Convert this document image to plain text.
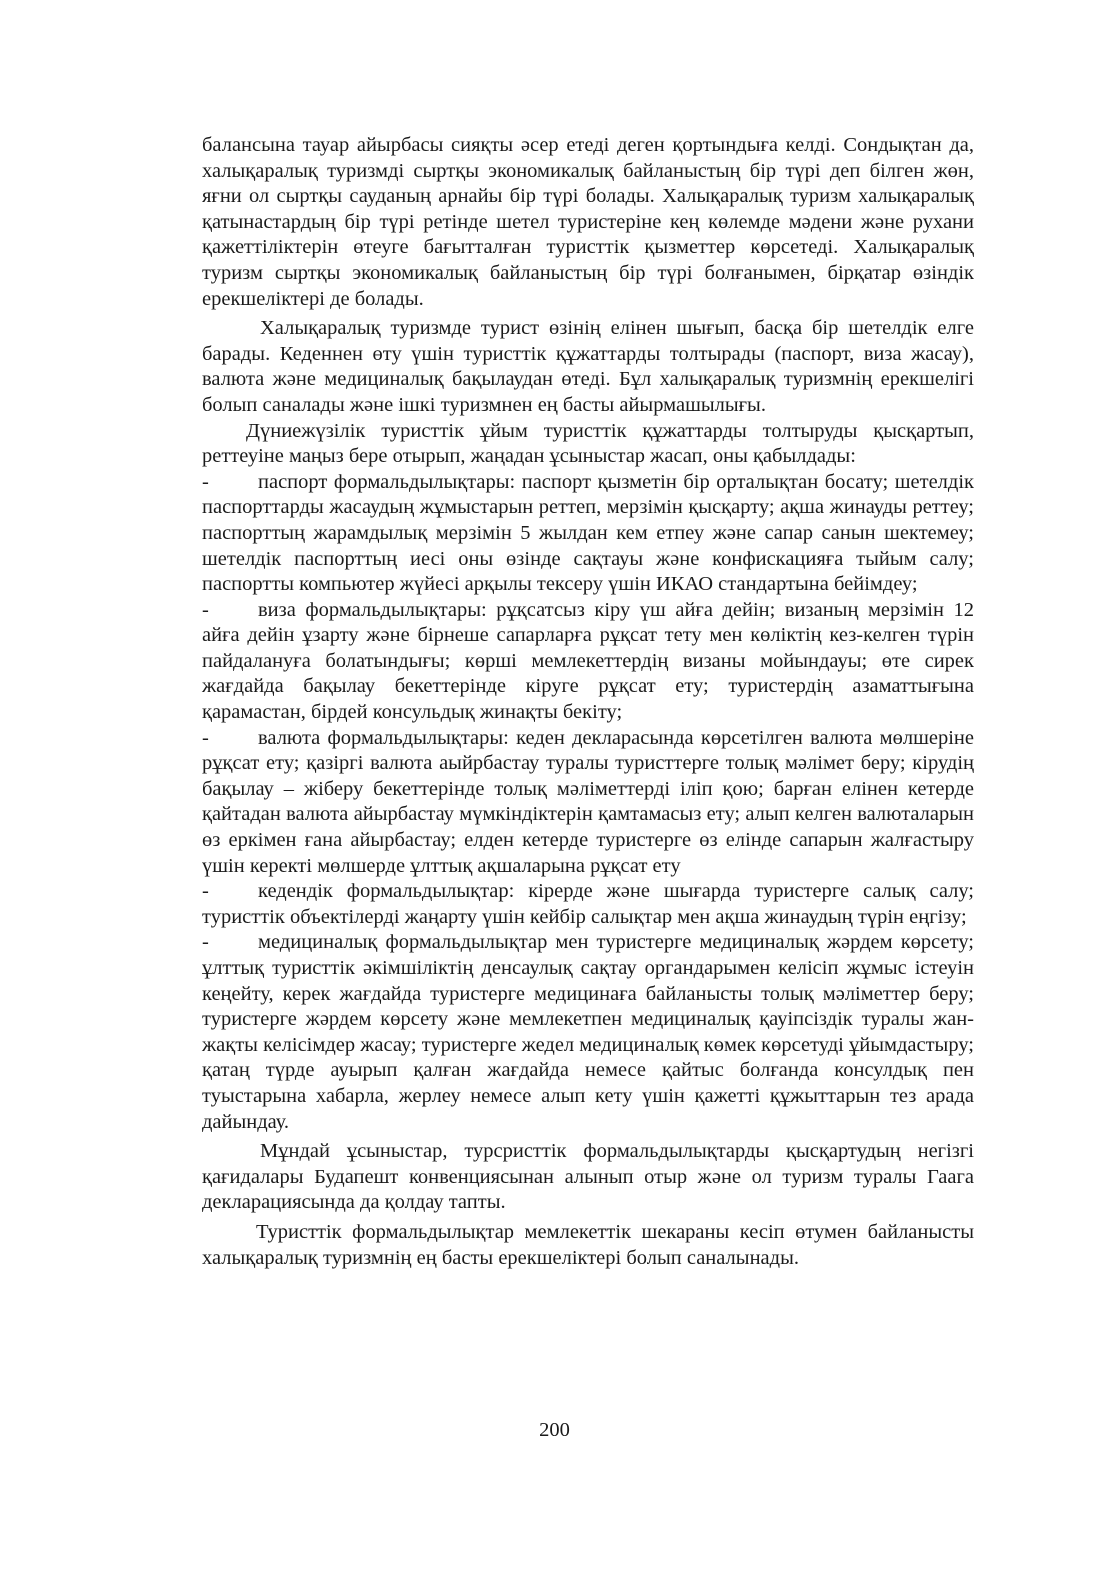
балансына тауар айырбасы сияқты әсер етеді деген қортындыға келді. Сондықтан да, халықаралық туризмді сыртқы экономикалық байланыстың бір түрі деп білген жөн, яғни ол сыртқы сауданың арнайы бір түрі болады. Халықаралық туризм халықаралық қатынастардың бір түрі ретінде шетел туристеріне кең көлемде мәдени және рухани қажеттіліктерін өтеуге бағытталған туристтік қызметтер көрсетеді. Халықаралық туризм сыртқы экономикалық байланыстың бір түрі болғанымен, бірқатар өзіндік ерекшеліктері де болады.

Халықаралық туризмде турист өзінің елінен шығып, басқа бір шетелдік елге барады. Кеденнен өту үшін туристтік құжаттарды толтырады (паспорт, виза жасау), валюта және медициналық бақылаудан өтеді. Бұл халықаралық туризмнің ерекшелігі болып саналады және ішкі туризмнен ең басты айырмашылығы.

Дүниежүзілік туристтік ұйым туристтік құжаттарды толтыруды қысқартып, реттеуіне маңыз бере отырып, жаңадан ұсыныстар жасап, оны қабылдады:

- паспорт формальдылықтары: паспорт қызметін бір орталықтан босату; шетелдік паспорттарды жасаудың жұмыстарын реттеп, мерзімін қысқарту; ақша жинауды реттеу; паспорттың жарамдылық мерзімін 5 жылдан кем етпеу және сапар санын шектемеу; шетелдік паспорттың иесі оны өзінде сақтауы және конфискацияға тыйым салу; паспортты компьютер жүйесі арқылы тексеру үшін ИКАО стандартына бейімдеу;

- виза формальдылықтары: рұқсатсыз кіру үш айға дейін; визаның мерзімін 12 айға дейін ұзарту және бірнеше сапарларға рұқсат тету мен көліктің кез-келген түрін пайдалануға болатындығы; көрші мемлекеттердің визаны мойындауы; өте сирек жағдайда бақылау бекеттерінде кіруге рұқсат ету; туристердің азаматтығына қарамастан, бірдей консульдық жинақты бекіту;

- валюта формальдылықтары: кеден декларасында көрсетілген валюта мөлшеріне рұқсат ету; қазіргі валюта аыйрбастау туралы туристтерге толық мәлімет беру; кірудің бақылау – жіберу бекеттерінде толық мәліметтерді іліп қою; барған елінен кетерде қайтадан валюта айырбастау мүмкіндіктерін қамтамасыз ету; алып келген валюталарын өз еркімен ғана айырбастау; елден кетерде туристерге өз елінде сапарын жалғастыру үшін керекті мөлшерде ұлттық ақшаларына рұқсат ету

- кедендік формальдылықтар: кірерде және шығарда туристерге салық салу; туристтік объектілерді жаңарту үшін кейбір салықтар мен ақша жинаудың түрін еңгізу;

- медициналық формальдылықтар мен туристерге медициналық жәрдем көрсету; ұлттық туристтік әкімшіліктің денсаулық сақтау органдарымен келісіп жұмыс істеуін кеңейту, керек жағдайда туристерге медицинаға байланысты толық мәліметтер беру; туристерге жәрдем көрсету және мемлекетпен медициналық қауіпсіздік туралы жан-жақты келісімдер жасау; туристерге жедел медициналық көмек көрсетуді ұйымдастыру; қатаң түрде ауырып қалған жағдайда немесе қайтыс болғанда консулдық пен туыстарына хабарла, жерлеу немесе алып кету үшін қажетті құжыттарын тез арада дайындау.

Мұндай ұсыныстар, турсристтік формальдылықтарды қысқартудың негізгі қағидалары Будапешт конвенциясынан алынып отыр және ол туризм туралы Гаага декларациясында да қолдау тапты.

Туристтік формальдылықтар мемлекеттік шекараны кесіп өтумен байланысты халықаралық туризмнің ең басты ерекшеліктері болып саналынады.

200
